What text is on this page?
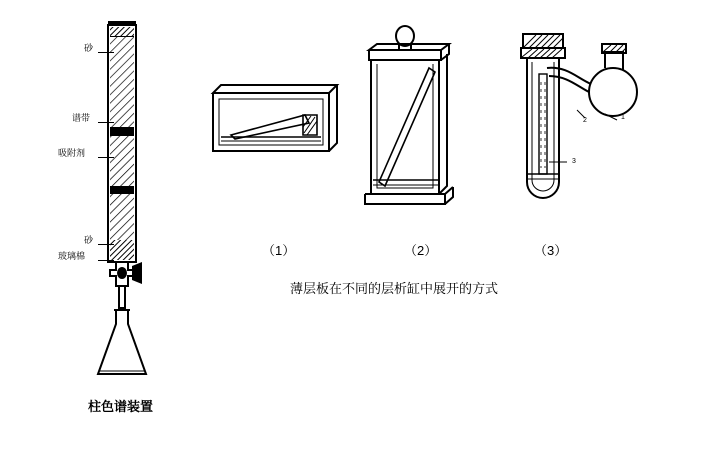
砂
谱带
吸附剂
砂
玻璃棉
柱色谱装置
1
2
3
（1）	（2）	（3）
薄层板在不同的层析缸中展开的方式
